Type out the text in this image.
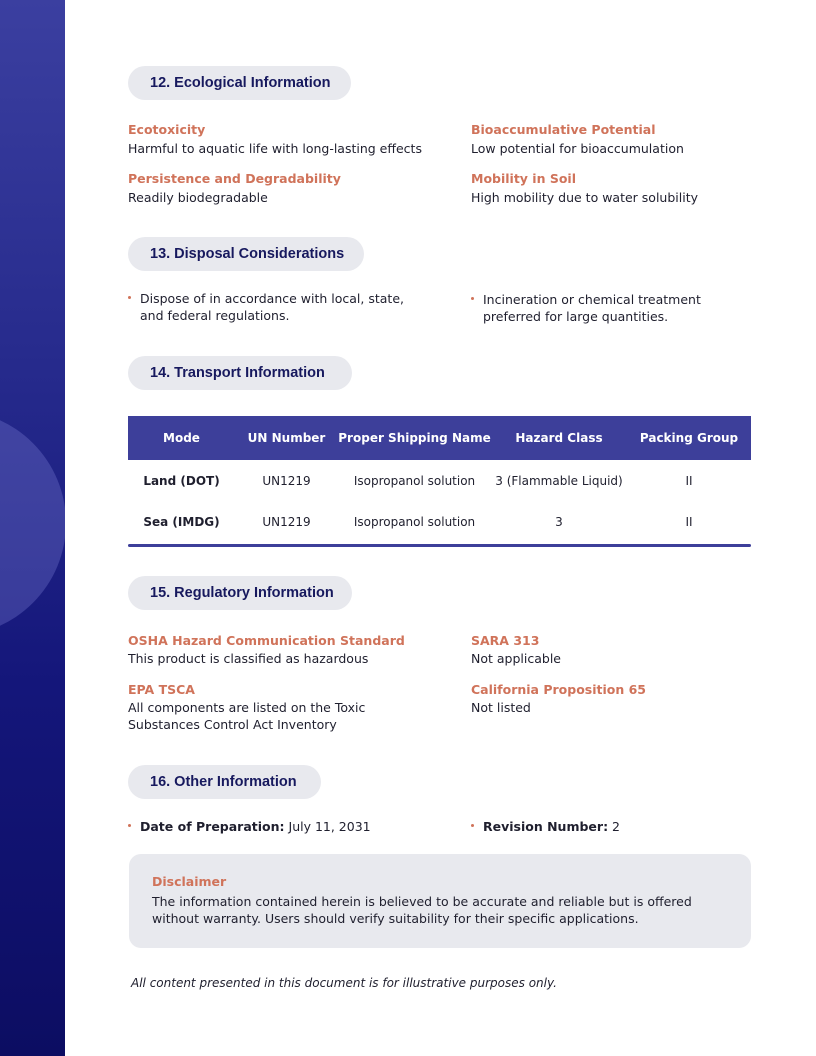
12. Ecological Information
Ecotoxicity
Harmful to aquatic life with long-lasting effects
Bioaccumulative Potential
Low potential for bioaccumulation
Persistence and Degradability
Readily biodegradable
Mobility in Soil
High mobility due to water solubility
13. Disposal Considerations
Dispose of in accordance with local, state, and federal regulations.
Incineration or chemical treatment preferred for large quantities.
14. Transport Information
Mode	UN Number	Proper Shipping Name	Hazard Class	Packing Group
Land (DOT)	UN1219	Isopropanol solution	3 (Flammable Liquid)	II
Sea (IMDG)	UN1219	Isopropanol solution	3	II
15. Regulatory Information
OSHA Hazard Communication Standard
This product is classified as hazardous
SARA 313
Not applicable
EPA TSCA
All components are listed on the Toxic Substances Control Act Inventory
California Proposition 65
Not listed
16. Other Information
Date of Preparation: July 11, 2031	Revision Number: 2
Disclaimer
The information contained herein is believed to be accurate and reliable but is offered without warranty. Users should verify suitability for their specific applications.
All content presented in this document is for illustrative purposes only.
